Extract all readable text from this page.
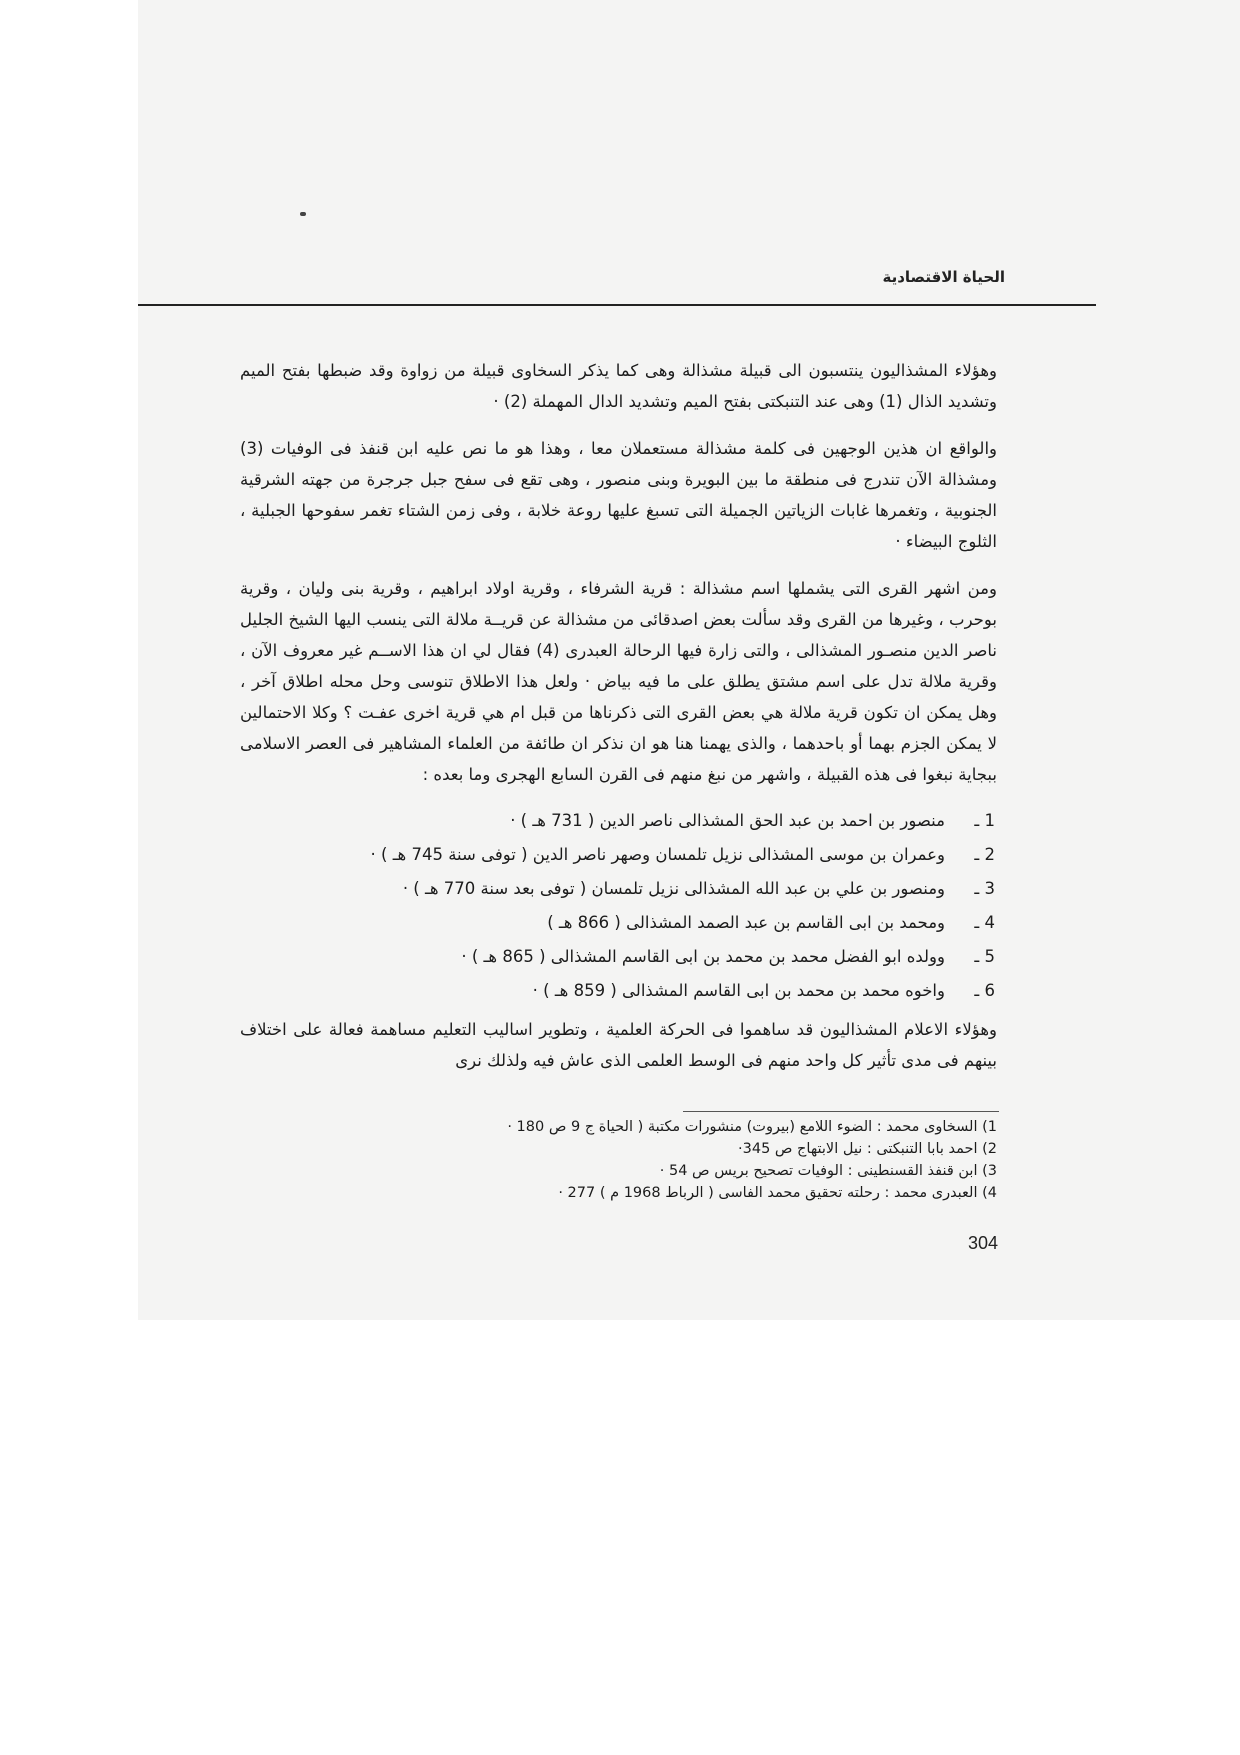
الحياة الاقتصادية

وهؤلاء المشذاليون ينتسبون الى قبيلة مشذالة وهى كما يذكر السخاوى قبيلة من زواوة وقد ضبطها بفتح الميم وتشديد الذال (1) وهى عند التنبكتى بفتح الميم وتشديد الدال المهملة (2) ·

والواقع ان هذين الوجهين فى كلمة مشذالة مستعملان معا ، وهذا هو ما نص عليه ابن قنفذ فى الوفيات (3) ومشذالة الآن تندرج فى منطقة ما بين البويرة وبنى منصور ، وهى تقع فى سفح جبل جرجرة من جهته الشرقية الجنوبية ، وتغمرها غابات الزياتين الجميلة التى تسبغ عليها روعة خلابة ، وفى زمن الشتاء تغمر سفوحها الجبلية ، الثلوج البيضاء ·

ومن اشهر القرى التى يشملها اسم مشذالة : قرية الشرفاء ، وقرية اولاد ابراهيم ، وقرية بنى وليان ، وقرية بوحرب ، وغيرها من القرى وقد سألت بعض اصدقائى من مشذالة عن قريــة ملالة التى ينسب اليها الشيخ الجليل ناصر الدين منصـور المشذالى ، والتى زارة فيها الرحالة العبدرى (4) فقال لي ان هذا الاســم غير معروف الآن ، وقرية ملالة تدل على اسم مشتق يطلق على ما فيه بياض · ولعل هذا الاطلاق تنوسى وحل محله اطلاق آخر ، وهل يمكن ان تكون قرية ملالة هي بعض القرى التى ذكرناها من قبل ام هي قرية اخرى عفـت ؟ وكلا الاحتمالين لا يمكن الجزم بهما أو باحدهما ، والذى يهمنا هنا هو ان نذكر ان طائفة من العلماء المشاهير فى العصر الاسلامى ببجاية نبغوا فى هذه القبيلة ، واشهر من نبغ منهم فى القرن السابع الهجرى وما بعده :

1 ـ
منصور بن احمد بن عبد الحق المشذالى ناصر الدين ( 731 هـ ) ·
2 ـ
وعمران بن موسى المشذالى نزيل تلمسان وصهر ناصر الدين ( توفى سنة 745 هـ ) ·
3 ـ
ومنصور بن علي بن عبد الله المشذالى نزيل تلمسان ( توفى بعد سنة 770 هـ ) ·
4 ـ
ومحمد بن ابى القاسم بن عبد الصمد المشذالى ( 866 هـ )
5 ـ
وولده ابو الفضل محمد بن محمد بن ابى القاسم المشذالى ( 865 هـ ) ·
6 ـ
واخوه محمد بن محمد بن ابى القاسم المشذالى ( 859 هـ ) ·

وهؤلاء الاعلام المشذاليون قد ساهموا فى الحركة العلمية ، وتطوير اساليب التعليم مساهمة فعالة على اختلاف بينهم فى مدى تأثير كل واحد منهم فى الوسط العلمى الذى عاش فيه ولذلك نرى

1) السخاوى محمد : الضوء اللامع (بيروت) منشورات مكتبة ( الحياة ج 9 ص 180 ·

2) احمد بابا التنبكتى : نيل الابتهاج ص 345·

3) ابن قنفذ القسنطينى : الوفيات تصحيح بريس ص 54 ·

4) العبدرى محمد : رحلته تحقيق محمد الفاسى ( الرباط 1968 م ) 277 ·

304
